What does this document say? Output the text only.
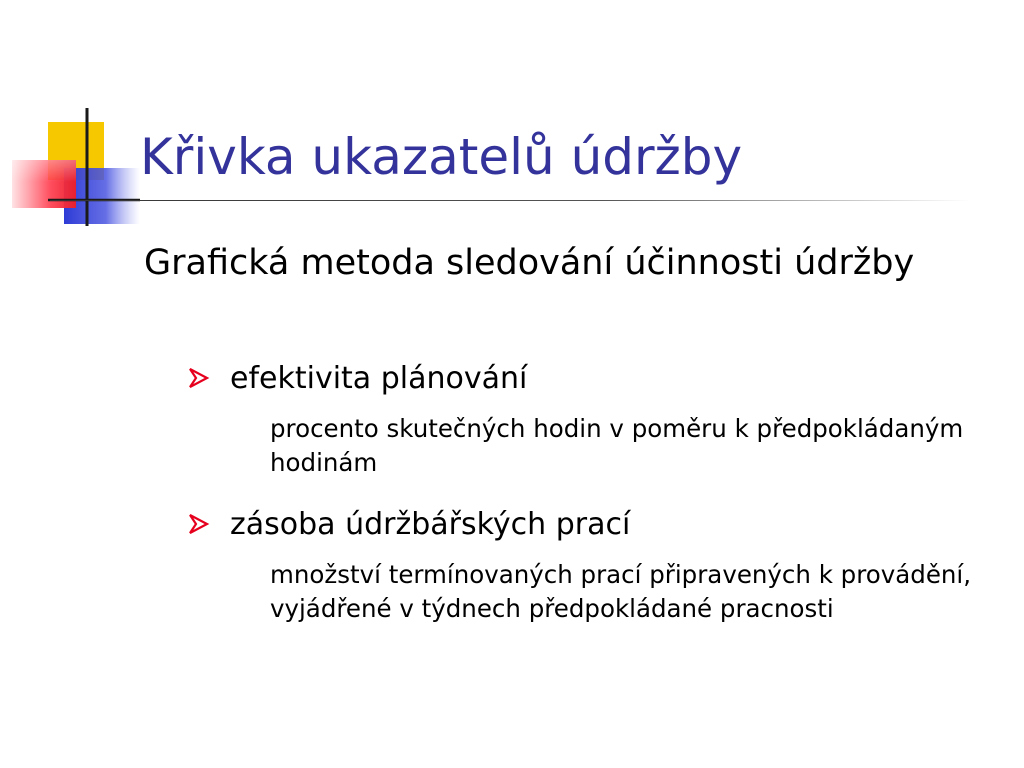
Křivka ukazatelů údržby

Grafická metoda sledování účinnosti údržby

efektivita plánování

procento skutečných hodin v poměru k předpokládaným hodinám

zásoba údržbářských prací

množství termínovaných prací připravených k provádění, vyjádřené v týdnech předpokládané pracnosti
